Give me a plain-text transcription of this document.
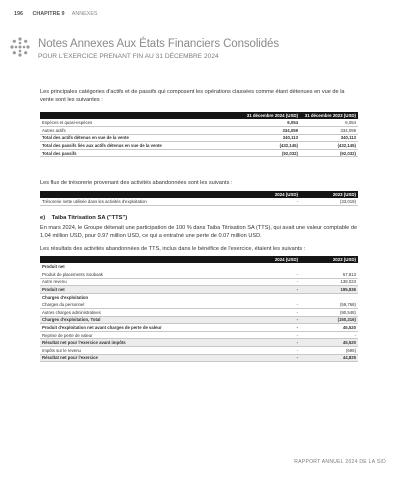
196 CHAPITRE 9 ANNEXES
Notes Annexes Aux États Financiers Consolidés
POUR L'EXERCICE PRENANT FIN AU 31 DÉCEMBRE 2024

Les principales catégories d'actifs et de passifs qui composent les opérations classées comme étant détenues en vue de la vente sont les suivantes :

	31 décembre 2024 (USD)	31 décembre 2023 (USD)
Espèces et quasi-espèces	6,054	6,054
Autres actifs	334,059	334,059
Total des actifs détenus en vue de la vente	340,113	340,113
Total des passifs liés aux actifs détenus en vue de la vente	(432,145)	(432,145)
Total des passifs	(92,032)	(92,032)

Les flux de trésorerie provenant des activités abandonnées sont les suivants :

	2024 (USD)	2023 (USD)
Trésorerie nette utilisée dans les activités d'exploitation	-	(33,019)
e) Taiba Titrisation SA ("TTS")

En mars 2024, le Groupe détenait une participation de 100 % dans Taiba Titrisation SA (TTS), qui avait une valeur comptable de 1.04 million USD, pour 0.97 million USD, ce qui a entraîné une perte de 0.07 million USD.

Les résultats des activités abandonnées de TTS, inclus dans le bénéfice de l'exercice, étaient les suivants :

	2024 (USD)	2023 (USD)
Produit net		
Produit de placements Souboak	-	57,813
Autre revenu	-	138,023
Produit net	-	195,836
Charges d'exploitation		
Charges du personnel	-	(59,768)
Autres charges administratives	-	(90,548)
Charges d'exploitation, Total	-	(150,316)
Produit d'exploitation net avant charges de perte de valeur	-	45,520
Reprise de perte de valeur	-	-
Résultat net pour l'exercice avant impôts	-	45,520
Impôts sur le revenu	-	(695)
Résultat net pour l'exercice	-	44,825
RAPPORT ANNUEL 2024 DE LA SID
